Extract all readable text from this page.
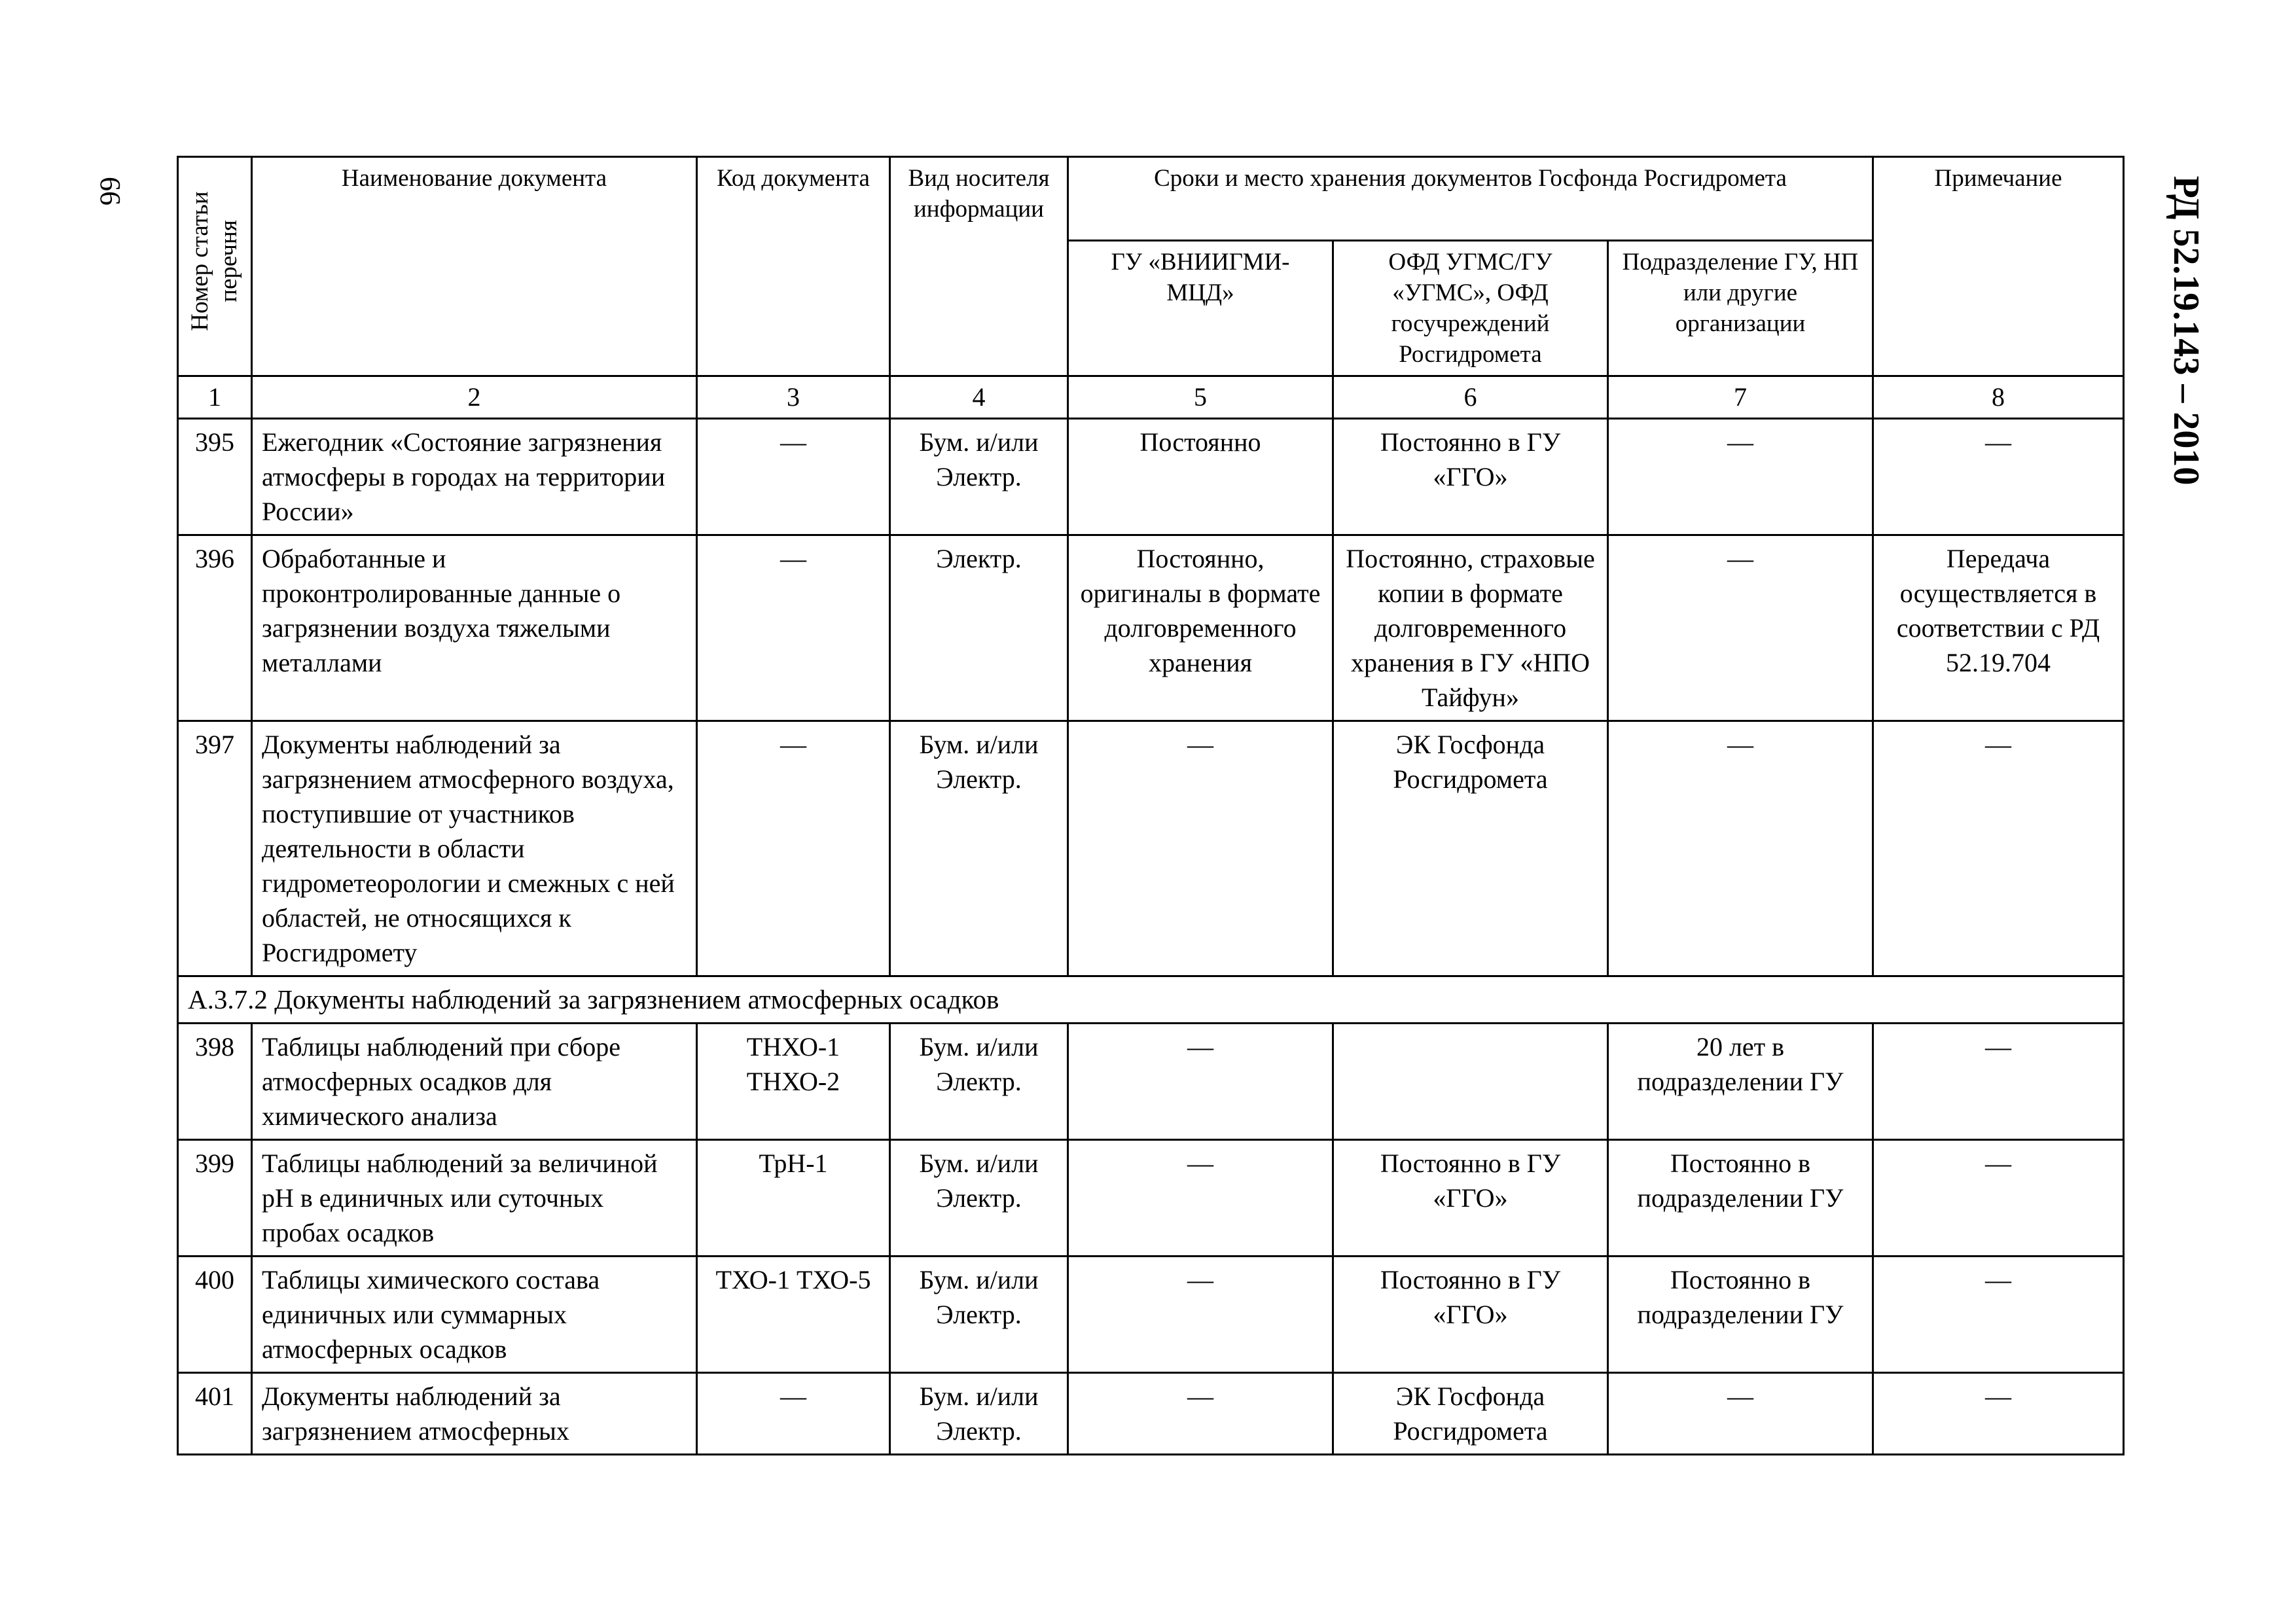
66	РД 52.19.143 – 2010
Номер статьи перечня	Наименование документа	Код документа	Вид носителя информации	Сроки и место хранения документов Госфонда Росгидромета			Примечание
				ГУ «ВНИИГМИ-МЦД»	ОФД УГМС/ГУ «УГМС», ОФД госучреждений Росгидромета	Подразделение ГУ, НП или другие организации	
1	2	3	4	5	6	7	8
395	Ежегодник «Состояние загрязнения атмосферы в городах на территории России»	—	Бум. и/или Электр.	Постоянно	Постоянно в ГУ «ГГО»	—	—
396	Обработанные и проконтролированные данные о загрязнении воздуха тяжелыми металлами	—	Электр.	Постоянно, оригиналы в формате долговременного хранения	Постоянно, страховые копии в формате долговременного хранения в ГУ «НПО Тайфун»	—	Передача осуществляется в соответствии с РД 52.19.704
397	Документы наблюдений за загрязнением атмосферного воздуха, поступившие от участников деятельности в области гидрометеорологии и смежных с ней областей, не относящихся к Росгидромету	—	Бум. и/или Электр.	—	ЭК Госфонда Росгидромета	—	—
А.3.7.2 Документы наблюдений за загрязнением атмосферных осадков							
398	Таблицы наблюдений при сборе атмосферных осадков для химического анализа	ТНХО-1 ТНХО-2	Бум. и/или Электр.	—		20 лет в подразделении ГУ	—
399	Таблицы наблюдений за величиной pH в единичных или суточных пробах осадков	ТрН-1	Бум. и/или Электр.	—	Постоянно в ГУ «ГГО»	Постоянно в подразделении ГУ	—
400	Таблицы химического состава единичных или суммарных атмосферных осадков	ТХО-1 ТХО-5	Бум. и/или Электр.	—	Постоянно в ГУ «ГГО»	Постоянно в подразделении ГУ	—
401	Документы наблюдений за загрязнением атмосферных	—	Бум. и/или Электр.	—	ЭК Госфонда Росгидромета	—	—
